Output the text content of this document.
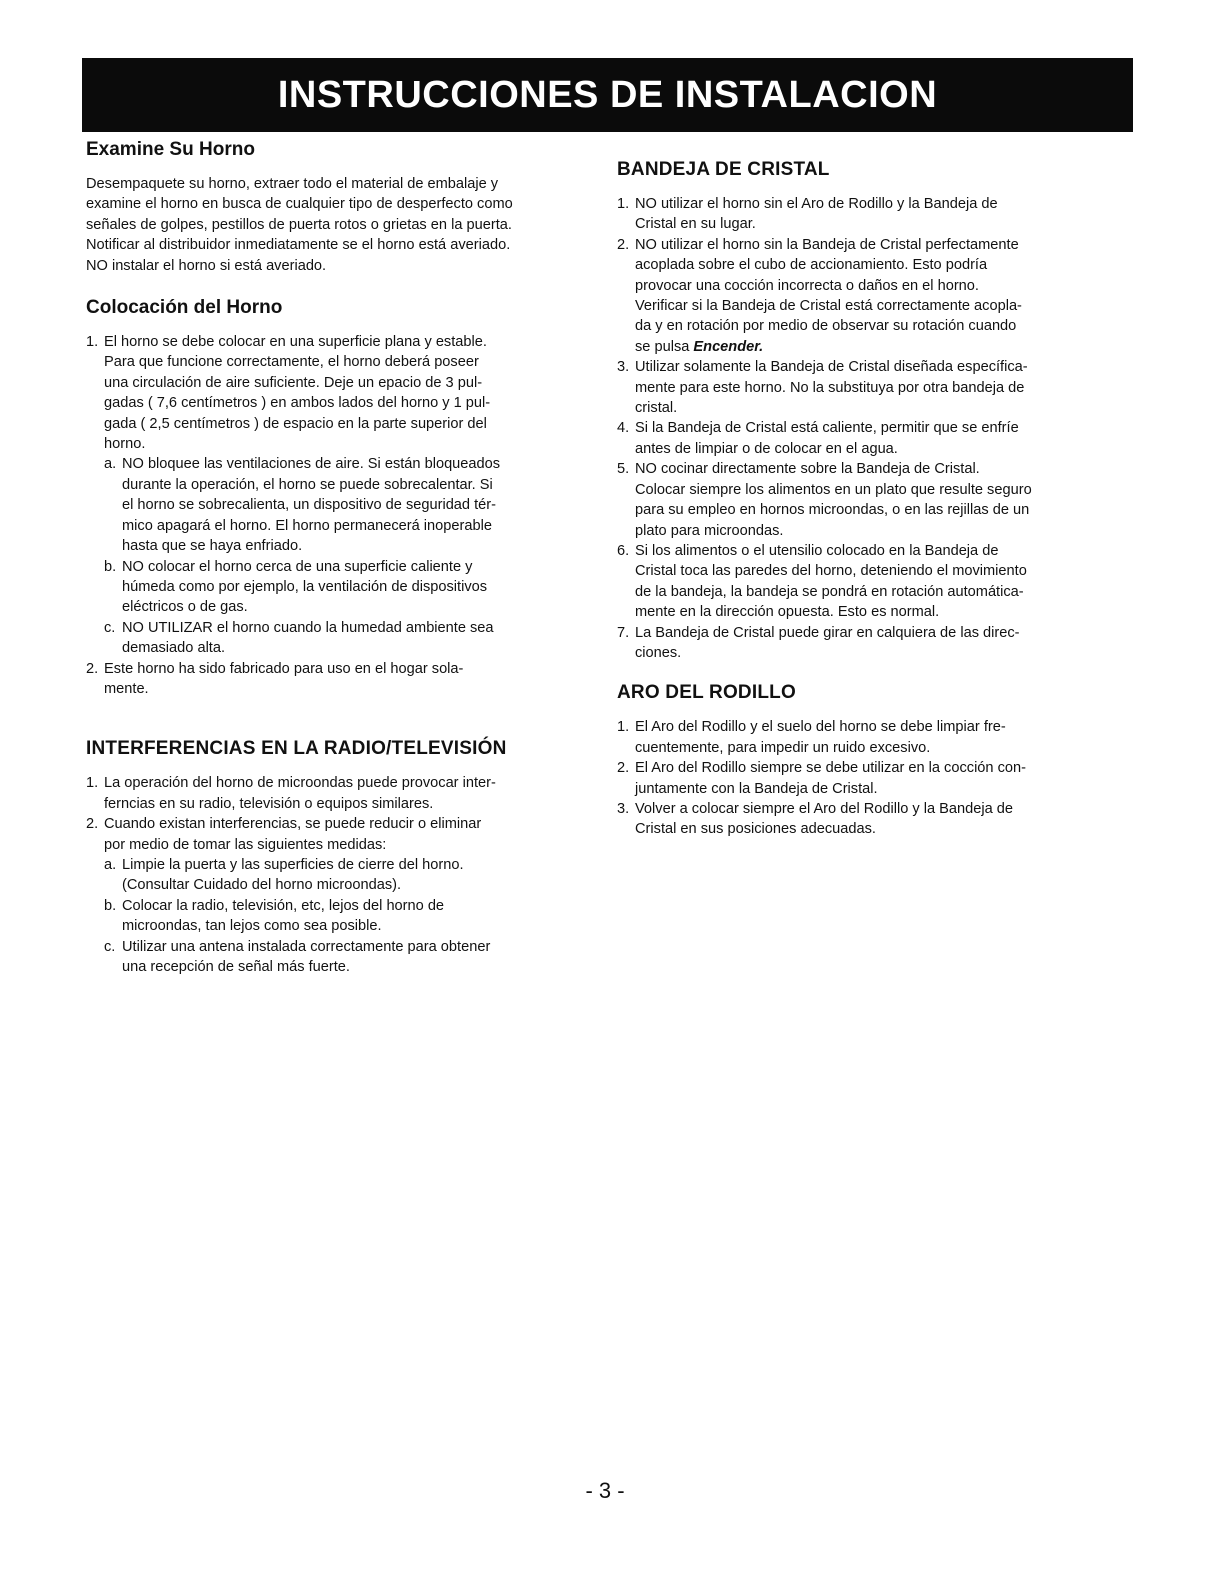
INSTRUCCIONES DE INSTALACION
Examine Su Horno
Desempaquete su horno, extraer todo el material de embalaje y
examine el horno en busca de cualquier tipo de desperfecto como
señales de golpes, pestillos de puerta rotos o grietas en la puerta.
Notificar al distribuidor inmediatamente se el horno está averiado.
NO instalar el horno si está averiado.
Colocación del Horno
1. El horno se debe colocar en una superficie plana y estable.
Para que funcione correctamente, el horno deberá poseer
una circulación de aire suficiente. Deje un epacio de 3 pul-
gadas ( 7,6 centímetros ) en ambos lados del horno y 1 pul-
gada ( 2,5 centímetros ) de espacio en la parte superior del
horno.
a. NO bloquee las ventilaciones de aire. Si están bloqueados
durante la operación, el horno se puede sobrecalentar. Si
el horno se sobrecalienta, un dispositivo de seguridad tér-
mico apagará el horno. El horno permanecerá inoperable
hasta que se haya enfriado.
b. NO colocar el horno cerca de una superficie caliente y
húmeda como por ejemplo, la ventilación de dispositivos
eléctricos o de gas.
c. NO UTILIZAR el horno cuando la humedad ambiente sea
demasiado alta.
2. Este horno ha sido fabricado para uso en el hogar sola-
mente.
INTERFERENCIAS EN LA RADIO/TELEVISIÓN
1. La operación del horno de microondas puede provocar inter-
ferncias en su radio, televisión o equipos similares.
2. Cuando existan interferencias, se puede reducir o eliminar
por medio de tomar las siguientes medidas:
a. Limpie la puerta y las superficies de cierre del horno.
(Consultar Cuidado del horno microondas).
b. Colocar la radio, televisión, etc, lejos del horno de
microondas, tan lejos como sea posible.
c. Utilizar una antena instalada correctamente para obtener
una recepción de señal más fuerte.
BANDEJA DE CRISTAL
1. NO utilizar el horno sin el Aro de Rodillo y la Bandeja de
Cristal en su lugar.
2. NO utilizar el horno sin la Bandeja de Cristal perfectamente
acoplada sobre el cubo de accionamiento. Esto podría
provocar una cocción incorrecta o daños en el horno.
Verificar si la Bandeja de Cristal está correctamente acopla-
da y en rotación por medio de observar su rotación cuando
se pulsa Encender.
3. Utilizar solamente la Bandeja de Cristal diseñada específica-
mente para este horno. No la substituya por otra bandeja de
cristal.
4. Si la Bandeja de Cristal está caliente, permitir que se enfríe
antes de limpiar o de colocar en el agua.
5. NO cocinar directamente sobre la Bandeja de Cristal.
Colocar siempre los alimentos en un plato que resulte seguro
para su empleo en hornos microondas, o en las rejillas de un
plato para microondas.
6. Si los alimentos o el utensilio colocado en la Bandeja de
Cristal toca las paredes del horno, deteniendo el movimiento
de la bandeja, la bandeja se pondrá en rotación automática-
mente en la dirección opuesta. Esto es normal.
7. La Bandeja de Cristal puede girar en calquiera de las direc-
ciones.
ARO DEL RODILLO
1. El Aro del Rodillo y el suelo del horno se debe limpiar fre-
cuentemente, para impedir un ruido excesivo.
2. El Aro del Rodillo siempre se debe utilizar en la cocción con-
juntamente con la Bandeja de Cristal.
3. Volver a colocar siempre el Aro del Rodillo y la Bandeja de
Cristal en sus posiciones adecuadas.
- 3 -
